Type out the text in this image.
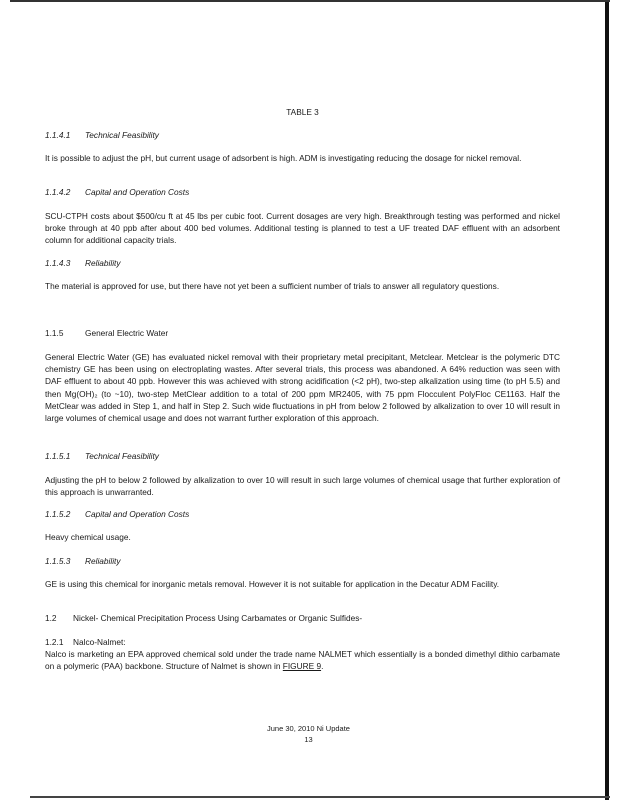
TABLE 3
1.1.4.1 Technical Feasibility
It is possible to adjust the pH, but current usage of adsorbent is high. ADM is investigating reducing the dosage for nickel removal.
1.1.4.2 Capital and Operation Costs
SCU-CTPH costs about $500/cu ft at 45 lbs per cubic foot. Current dosages are very high. Breakthrough testing was performed and nickel broke through at 40 ppb after about 400 bed volumes. Additional testing is planned to test a UF treated DAF effluent with an adsorbent column for additional capacity trials.
1.1.4.3 Reliability
The material is approved for use, but there have not yet been a sufficient number of trials to answer all regulatory questions.
1.1.5	General Electric Water
General Electric Water (GE) has evaluated nickel removal with their proprietary metal precipitant, Metclear. Metclear is the polymeric DTC chemistry GE has been using on electroplating wastes. After several trials, this process was abandoned. A 64% reduction was seen with DAF effluent to about 40 ppb. However this was achieved with strong acidification (<2 pH), two-step alkalization using time (to pH 5.5) and then Mg(OH)₂ (to ~10), two-step MetClear addition to a total of 200 ppm MR2405, with 75 ppm Flocculent PolyFloc CE1163. Half the MetClear was added in Step 1, and half in Step 2. Such wide fluctuations in pH from below 2 followed by alkalization to over 10 will result in large volumes of chemical usage and does not warrant further exploration of this approach.
1.1.5.1 Technical Feasibility
Adjusting the pH to below 2 followed by alkalization to over 10 will result in such large volumes of chemical usage that further exploration of this approach is unwarranted.
1.1.5.2 Capital and Operation Costs
Heavy chemical usage.
1.1.5.3 Reliability
GE is using this chemical for inorganic metals removal. However it is not suitable for application in the Decatur ADM Facility.
1.2 Nickel- Chemical Precipitation Process Using Carbamates or Organic Sulfides-
1.2.1 Nalco-Nalmet:
Nalco is marketing an EPA approved chemical sold under the trade name NALMET which essentially is a bonded dimethyl dithio carbamate on a polymeric (PAA) backbone. Structure of Nalmet is shown in FIGURE 9.
June 30, 2010 Ni Update
13
